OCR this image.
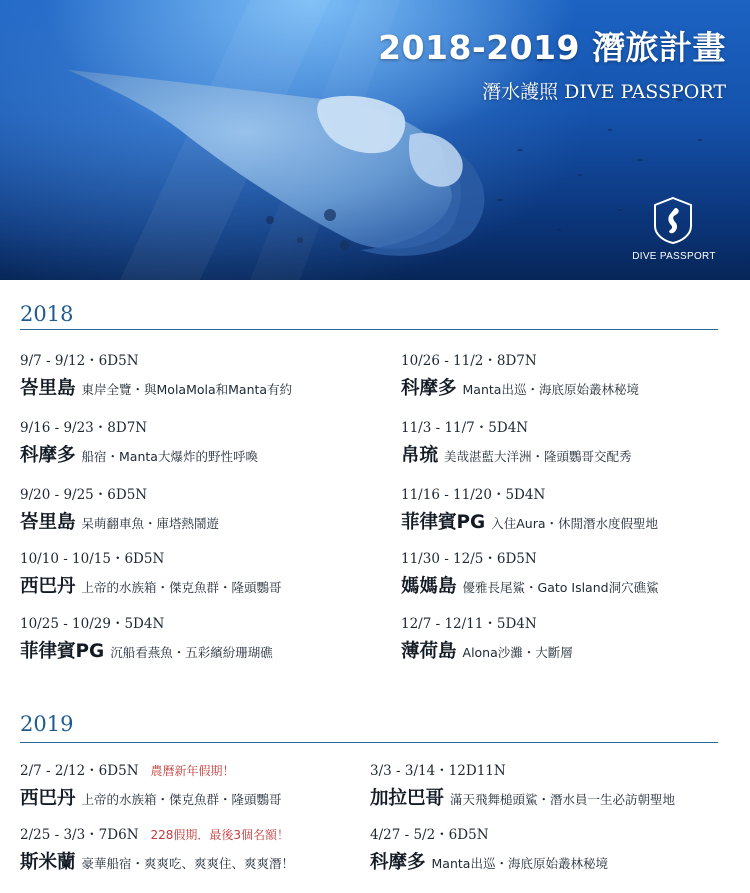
2018-2019 潛旅計畫
潛水護照 DIVE PASSPORT
DIVE PASSPORT
2018
9/7 - 9/12・6D5N
峇里島 東岸全覽・與MolaMola和Manta有約
10/26 - 11/2・8D7N
科摩多 Manta出巡・海底原始叢林秘境
9/16 - 9/23・8D7N
科摩多 船宿・Manta大爆炸的野性呼喚
11/3 - 11/7・5D4N
帛琉 美哉湛藍大洋洲・隆頭鸚哥交配秀
9/20 - 9/25・6D5N
峇里島 呆萌翻車魚・庫塔熱鬧遊
11/16 - 11/20・5D4N
菲律賓PG 入住Aura・休閒潛水度假聖地
10/10 - 10/15・6D5N
西巴丹 上帝的水族箱・傑克魚群・隆頭鸚哥
11/30 - 12/5・6D5N
媽媽島 優雅長尾鯊・Gato Island洞穴礁鯊
10/25 - 10/29・5D4N
菲律賓PG 沉船看燕魚・五彩繽紛珊瑚礁
12/7 - 12/11・5D4N
薄荷島 Alona沙灘・大斷層
2019
2/7 - 2/12・6D5N 農曆新年假期！
西巴丹 上帝的水族箱・傑克魚群・隆頭鸚哥
3/3 - 3/14・12D11N
加拉巴哥 滿天飛舞槌頭鯊・潛水員一生必訪朝聖地
2/25 - 3/3・7D6N 228假期．最後3個名額！
斯米蘭 豪華船宿・爽爽吃、爽爽住、爽爽潛！
4/27 - 5/2・6D5N
科摩多 Manta出巡・海底原始叢林秘境
